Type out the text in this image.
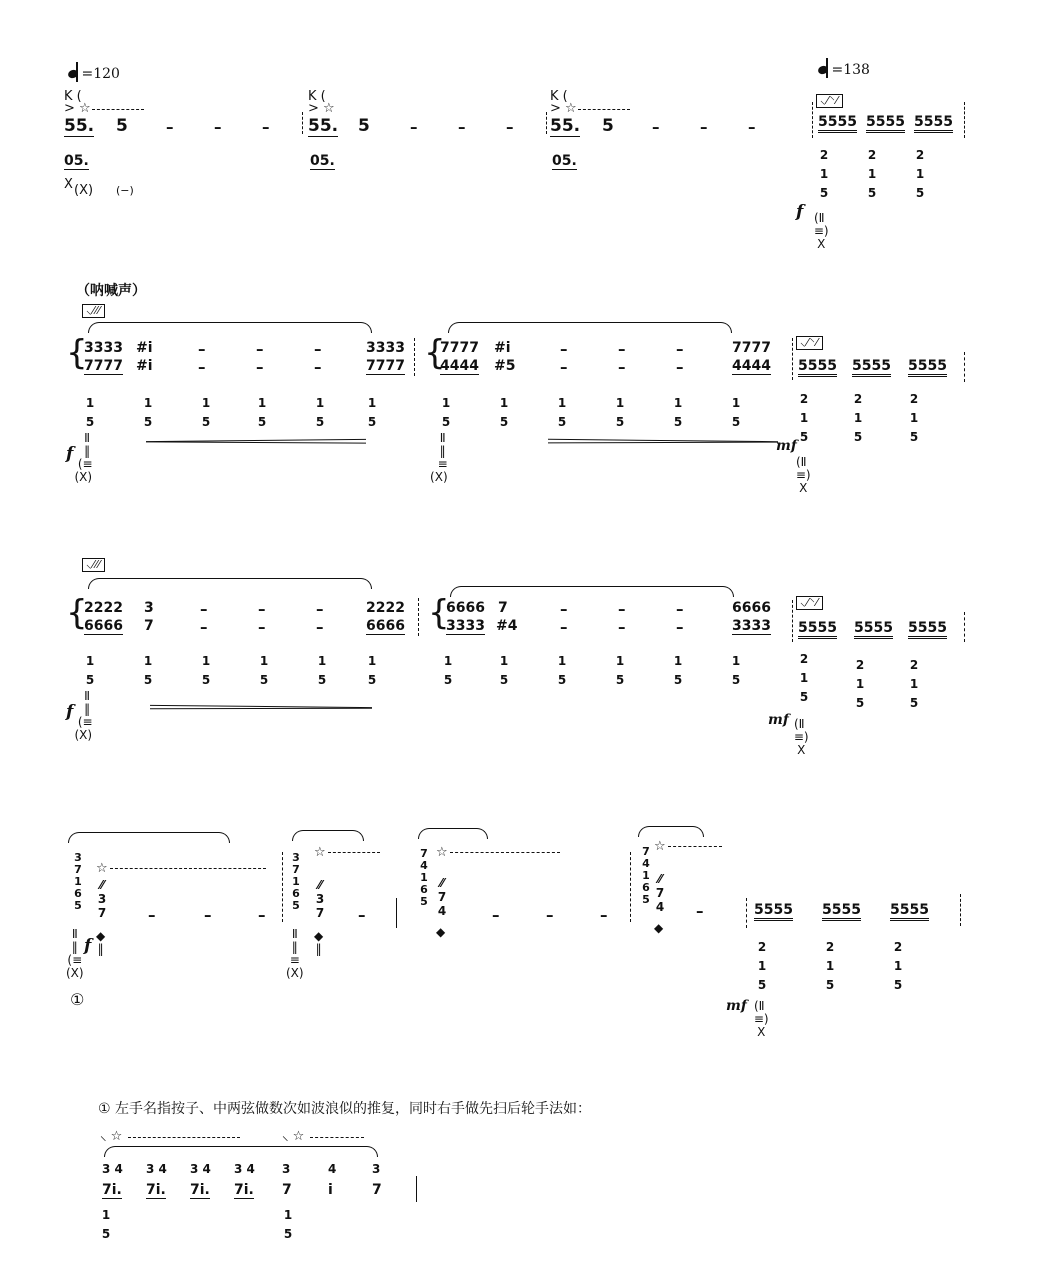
=120	=138
K (
> ☆
55. 5	–	–	–
05.
X (X) (−)
K (
> ☆
55. 5	–	–	–
05.
K (
> ☆
55. 5	–	–	–
05.
⸜⁄⸌⁄
5555 5555 5555
2
1
5
2
1
5
2
1
5
f (Ⅱ
≡)
X
（呐喊声）
⸜⁄⁄⁄
{
3333
7777
#i
#i
3333
7777
–	–	–
–	–	–	{
7777
4444
#i
#5
–	–	–
–	–	–
7777
4444
⸜⁄⸌⁄
5555 5555 5555
1
5
1
5
1
5
1
5
1
5
1
5
1
5
1
5
1
5
1
5
1
5
1
5
2
1
5
2
1
5
2
1
5
f
Ⅱ
‖
(≡
(X)
Ⅱ
‖
≡
(X)
mf
(Ⅱ
≡)
X
⸜⁄⁄⁄
{
2222
6666
3
7
–	–	–
–	–	–
2222
6666 {
6666
3333
7
#4
–	–	–
–	–	–
6666
3333
⸜⁄⸌⁄
5555 5555 5555
1
5
1
5
1
5
1
5
1
5
1
5
1
5
1
5
1
5
1
5
1
5
1
5
2
1
5
2
1
5
2
1
5
f
Ⅱ
‖
(≡
(X)
mf (Ⅱ
≡)
X
3
7
1
6
5
☆
⁄⁄
3
7	–	–	–
Ⅱ
‖
(≡
(X)
f ◆
‖
①
3
7
1
6
5
☆
⁄⁄
3
7 –
Ⅱ
‖
≡
(X)
◆
‖
7
4
1
6
5
☆
⁄⁄
7
4
◆
–	–	–
7
4
1
6
5
☆
⁄⁄
7
4
◆
–	5555 5555 5555
2
1
5
2
1
5
2
1
5
mf (Ⅱ
≡)
X
① 左手名指按子、中两弦做数次如波浪似的推复，同时右手做先扫后轮手法如：
⸜ ☆	⸜ ☆
3 4 3 4 3 4 3 4 3	4	3
7i. 7i. 7i. 7i. 7	i	7
1
5
1
5
